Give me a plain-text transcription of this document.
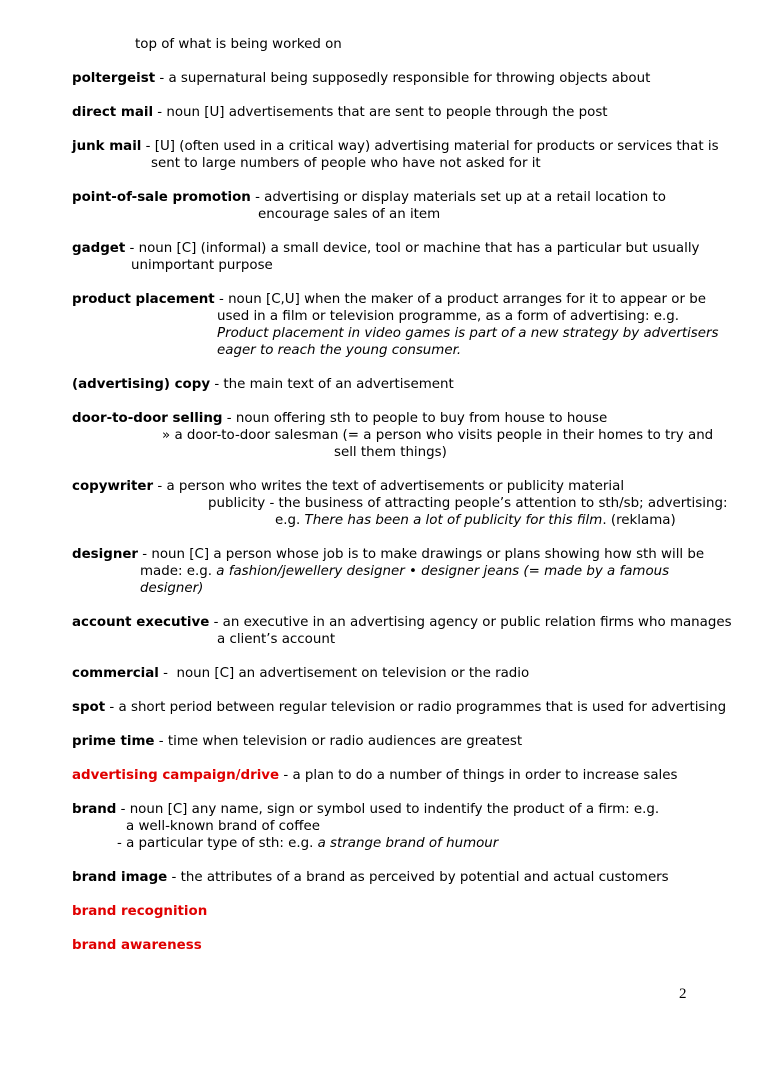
top of what is being worked on
poltergeist - a supernatural being supposedly responsible for throwing objects about
direct mail - noun [U] advertisements that are sent to people through the post
junk mail - [U] (often used in a critical way) advertising material for products or services that is
sent to large numbers of people who have not asked for it
point-of-sale promotion - advertising or display materials set up at a retail location to
encourage sales of an item
gadget - noun [C] (informal) a small device, tool or machine that has a particular but usually
unimportant purpose
product placement - noun [C,U] when the maker of a product arranges for it to appear or be
used in a film or television programme, as a form of advertising: e.g.
Product placement in video games is part of a new strategy by advertisers
eager to reach the young consumer.
(advertising) copy - the main text of an advertisement
door-to-door selling - noun offering sth to people to buy from house to house
» a door-to-door salesman (= a person who visits people in their homes to try and
sell them things)
copywriter - a person who writes the text of advertisements or publicity material
publicity - the business of attracting people’s attention to sth/sb; advertising:
e.g. There has been a lot of publicity for this film. (reklama)
designer - noun [C] a person whose job is to make drawings or plans showing how sth will be
made: e.g. a fashion/jewellery designer • designer jeans (= made by a famous
designer)
account executive - an executive in an advertising agency or public relation firms who manages
a client’s account
commercial -  noun [C] an advertisement on television or the radio
spot - a short period between regular television or radio programmes that is used for advertising
prime time - time when television or radio audiences are greatest
advertising campaign/drive - a plan to do a number of things in order to increase sales
brand - noun [C] any name, sign or symbol used to indentify the product of a firm: e.g.
a well-known brand of coffee
- a particular type of sth: e.g. a strange brand of humour
brand image - the attributes of a brand as perceived by potential and actual customers
brand recognition
brand awareness
2
